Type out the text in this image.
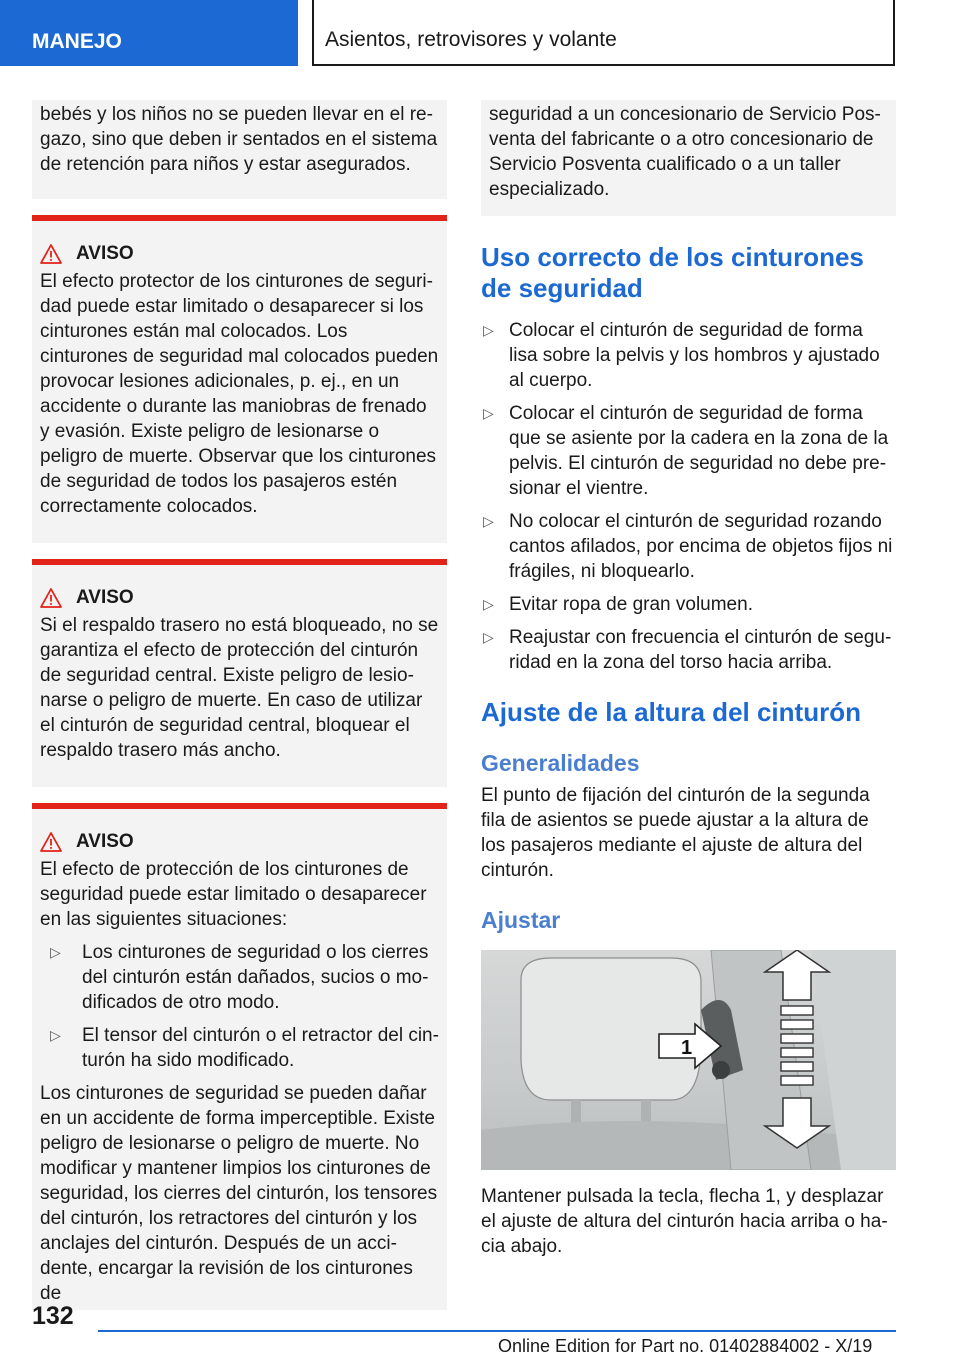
MANEJO	Asientos, retrovisores y volante

bebés y los niños no se pueden llevar en el regazo, sino que deben ir sentados en el sistema de retención para niños y estar asegurados.

AVISO

El efecto protector de los cinturones de seguridad puede estar limitado o desaparecer si los cinturones están mal colocados. Los cinturones de seguridad mal colocados pueden provocar lesiones adicionales, p. ej., en un accidente o durante las maniobras de frenado y evasión. Existe peligro de lesionarse o peligro de muerte. Observar que los cinturones de seguridad de todos los pasajeros estén correctamente colocados.

AVISO

Si el respaldo trasero no está bloqueado, no se garantiza el efecto de protección del cinturón de seguridad central. Existe peligro de lesionarse o peligro de muerte. En caso de utilizar el cinturón de seguridad central, bloquear el respaldo trasero más ancho.

AVISO

El efecto de protección de los cinturones de seguridad puede estar limitado o desaparecer en las siguientes situaciones:

▷ Los cinturones de seguridad o los cierres del cinturón están dañados, sucios o modificados de otro modo.
▷ El tensor del cinturón o el retractor del cinturón ha sido modificado.

Los cinturones de seguridad se pueden dañar en un accidente de forma imperceptible. Existe peligro de lesionarse o peligro de muerte. No modificar y mantener limpios los cinturones de seguridad, los cierres del cinturón, los tensores del cinturón, los retractores del cinturón y los anclajes del cinturón. Después de un accidente, encargar la revisión de los cinturones de

seguridad a un concesionario de Servicio Posventa del fabricante o a otro concesionario de Servicio Posventa cualificado o a un taller especializado.

Uso correcto de los cinturones de seguridad
▷ Colocar el cinturón de seguridad de forma lisa sobre la pelvis y los hombros y ajustado al cuerpo.
▷ Colocar el cinturón de seguridad de forma que se asiente por la cadera en la zona de la pelvis. El cinturón de seguridad no debe presionar el vientre.
▷ No colocar el cinturón de seguridad rozando cantos afilados, por encima de objetos fijos ni frágiles, ni bloquearlo.
▷ Evitar ropa de gran volumen.
▷ Reajustar con frecuencia el cinturón de seguridad en la zona del torso hacia arriba.
Ajuste de la altura del cinturón
Generalidades

El punto de fijación del cinturón de la segunda fila de asientos se puede ajustar a la altura de los pasajeros mediante el ajuste de altura del cinturón.

Ajustar
1

Mantener pulsada la tecla, flecha 1, y desplazar el ajuste de altura del cinturón hacia arriba o hacia abajo.

132
Online Edition for Part no. 01402884002 - X/19
